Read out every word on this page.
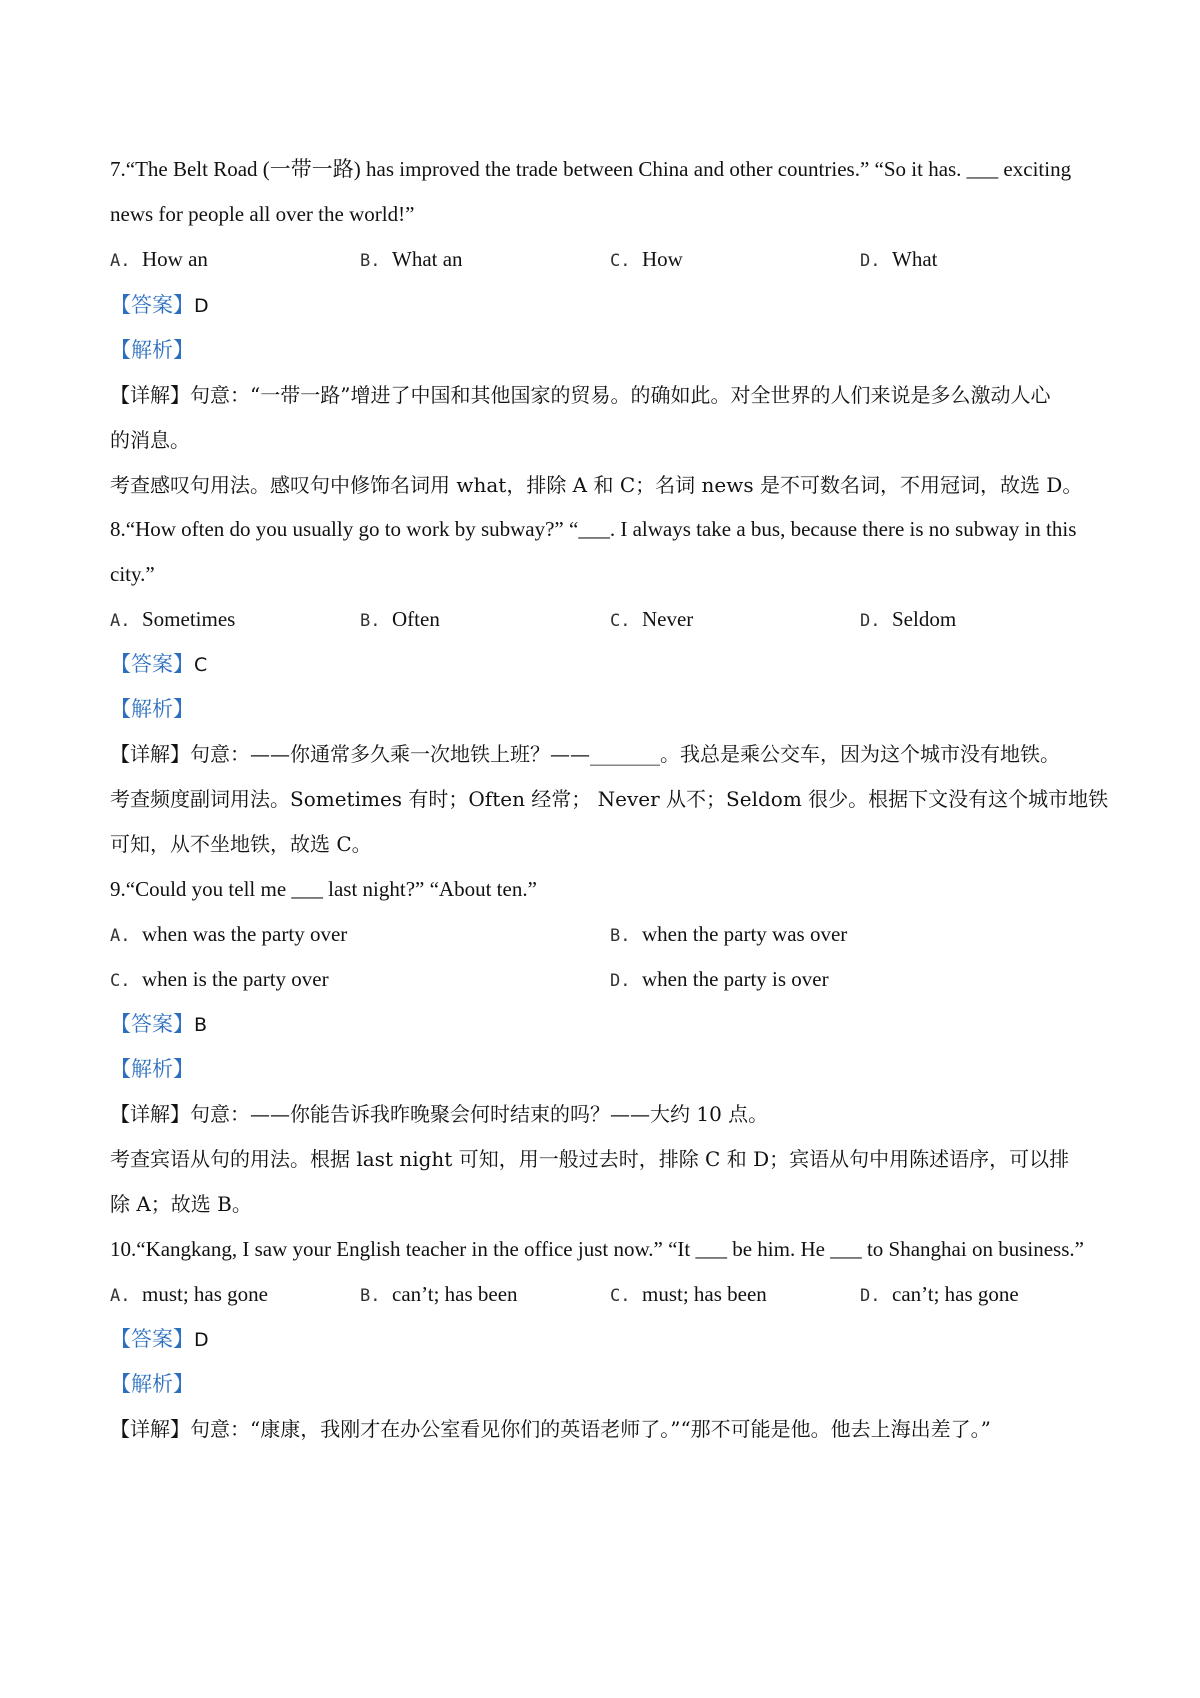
7.“The Belt Road (一带一路) has improved the trade between China and other countries.” “So it has. ___ exciting
news for people all over the world!”
A. How an	B. What an	C. How	D. What
【答案】D
【解析】
【详解】句意：“一带一路”增进了中国和其他国家的贸易。的确如此。对全世界的人们来说是多么激动人心
的消息。
考查感叹句用法。感叹句中修饰名词用 what，排除 A 和 C；名词 news 是不可数名词，不用冠词，故选 D。
8.“How often do you usually go to work by subway?” “___. I always take a bus, because there is no subway in this
city.”
A. Sometimes	B. Often	C. Never	D. Seldom
【答案】C
【解析】
【详解】句意：——你通常多久乘一次地铁上班？——_______。我总是乘公交车，因为这个城市没有地铁。
考查频度副词用法。Sometimes 有时；Often 经常； Never 从不；Seldom 很少。根据下文没有这个城市地铁
可知，从不坐地铁，故选 C。
9.“Could you tell me ___ last night?” “About ten.”
A. when was the party over	B. when the party was over
C. when is the party over	D. when the party is over
【答案】B
【解析】
【详解】句意：——你能告诉我昨晚聚会何时结束的吗？——大约 10 点。
考查宾语从句的用法。根据 last night 可知，用一般过去时，排除 C 和 D；宾语从句中用陈述语序，可以排
除 A；故选 B。
10.“Kangkang, I saw your English teacher in the office just now.” “It ___ be him. He ___ to Shanghai on business.”
A. must; has gone	B. can’t; has been	C. must; has been	D. can’t; has gone
【答案】D
【解析】
【详解】句意：“康康，我刚才在办公室看见你们的英语老师了。”“那不可能是他。他去上海出差了。”
